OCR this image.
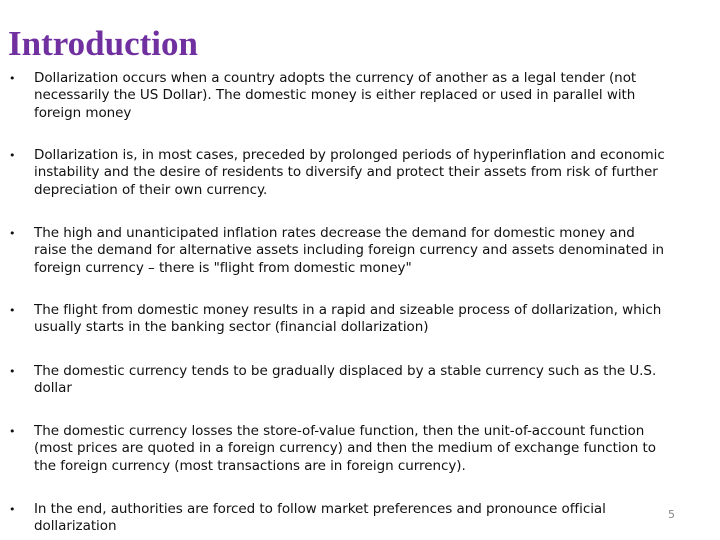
Introduction
• Dollarization occurs when a country adopts the currency of another as a legal tender (not necessarily the US Dollar). The domestic money is either replaced or used in parallel with foreign money
• Dollarization is, in most cases, preceded by prolonged periods of hyperinflation and economic instability and the desire of residents to diversify and protect their assets from risk of further depreciation of their own currency.
• The high and unanticipated inflation rates decrease the demand for domestic money and raise the demand for alternative assets including foreign currency and assets denominated in foreign currency – there is "flight from domestic money"
• The flight from domestic money results in a rapid and sizeable process of dollarization, which usually starts in the banking sector (financial dollarization)
• The domestic currency tends to be gradually displaced by a stable currency such as the U.S. dollar
• The domestic currency losses the store-of-value function, then the unit-of-account function (most prices are quoted in a foreign currency) and then the medium of exchange function to the foreign currency (most transactions are in foreign currency).
• In the end, authorities are forced to follow market preferences and pronounce official dollarization
5
